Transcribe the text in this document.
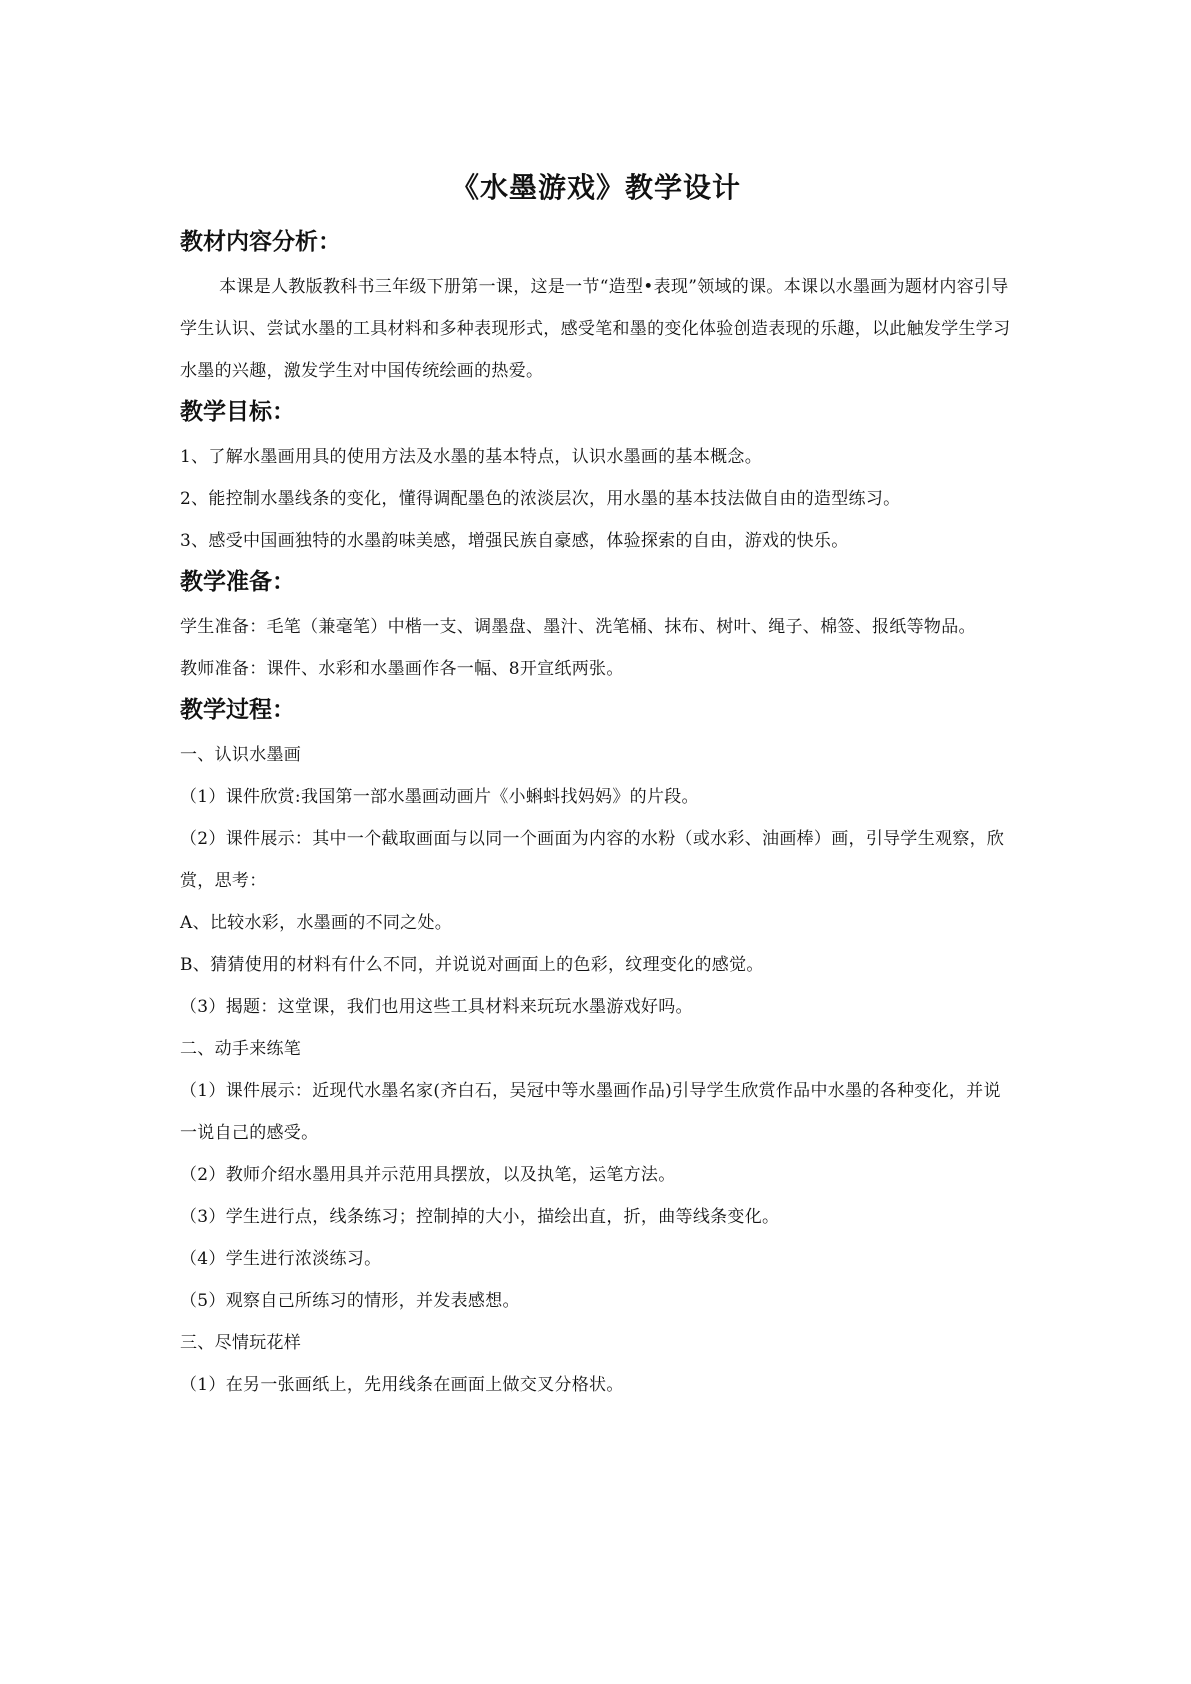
《水墨游戏》教学设计
教材内容分析：

本课是人教版教科书三年级下册第一课，这是一节“造型•表现”领域的课。本课以水墨画为题材内容引导学生认识、尝试水墨的工具材料和多种表现形式，感受笔和墨的变化体验创造表现的乐趣，以此触发学生学习水墨的兴趣，激发学生对中国传统绘画的热爱。

教学目标：

1、了解水墨画用具的使用方法及水墨的基本特点，认识水墨画的基本概念。

2、能控制水墨线条的变化，懂得调配墨色的浓淡层次，用水墨的基本技法做自由的造型练习。

3、感受中国画独特的水墨韵味美感，增强民族自豪感，体验探索的自由，游戏的快乐。

教学准备：

学生准备：毛笔（兼毫笔）中楷一支、调墨盘、墨汁、洗笔桶、抹布、树叶、绳子、棉签、报纸等物品。

教师准备：课件、水彩和水墨画作各一幅、8开宣纸两张。

教学过程：

一、认识水墨画

（1）课件欣赏:我国第一部水墨画动画片《小蝌蚪找妈妈》的片段。

（2）课件展示：其中一个截取画面与以同一个画面为内容的水粉（或水彩、油画棒）画，引导学生观察，欣赏，思考：

A、比较水彩，水墨画的不同之处。

B、猜猜使用的材料有什么不同，并说说对画面上的色彩，纹理变化的感觉。

（3）揭题：这堂课，我们也用这些工具材料来玩玩水墨游戏好吗。

二、动手来练笔

（1）课件展示：近现代水墨名家(齐白石，吴冠中等水墨画作品)引导学生欣赏作品中水墨的各种变化，并说一说自己的感受。

（2）教师介绍水墨用具并示范用具摆放，以及执笔，运笔方法。

（3）学生进行点，线条练习；控制掉的大小，描绘出直，折，曲等线条变化。

（4）学生进行浓淡练习。

（5）观察自己所练习的情形，并发表感想。

三、尽情玩花样

（1）在另一张画纸上，先用线条在画面上做交叉分格状。
